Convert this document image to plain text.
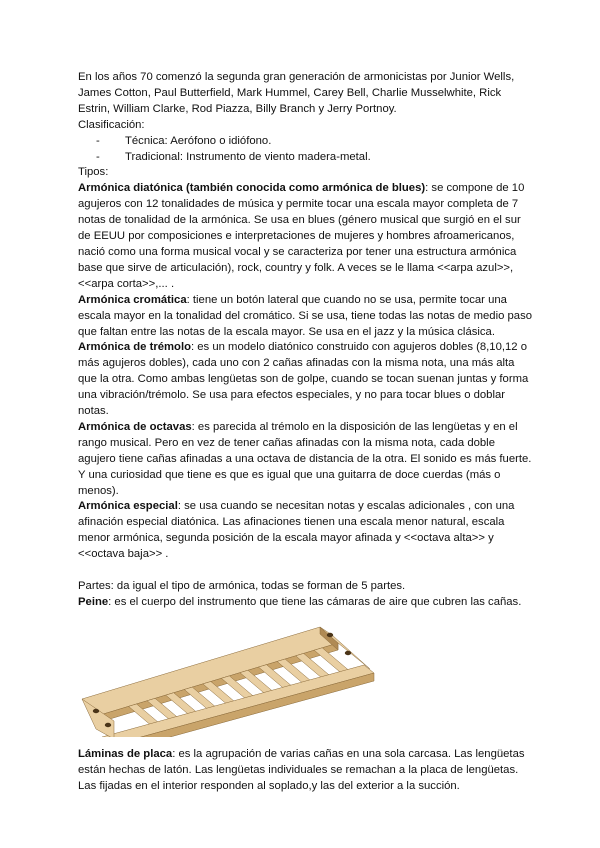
En los años 70 comenzó la segunda gran generación de armonicistas por Junior Wells, James Cotton, Paul Butterfield, Mark Hummel, Carey Bell, Charlie Musselwhite, Rick Estrin, William Clarke, Rod Piazza, Billy Branch y Jerry Portnoy.

Clasificación:

- Técnica: Aerófono o idiófono.

- Tradicional: Instrumento de viento madera-metal.

Tipos:

Armónica diatónica (también conocida como armónica de blues): se compone de 10 agujeros con 12 tonalidades de música y permite tocar una escala mayor completa de 7 notas de tonalidad de la armónica. Se usa en blues (género musical que surgió en el sur de EEUU por composiciones e interpretaciones de mujeres y hombres afroamericanos, nació como una forma musical vocal y se caracteriza por tener una estructura armónica base que sirve de articulación), rock, country y folk. A veces se le llama <<arpa azul>>, <<arpa corta>>,... .

Armónica cromática: tiene un botón lateral que cuando no se usa, permite tocar una escala mayor en la tonalidad del cromático. Si se usa, tiene todas las notas de medio paso que faltan entre las notas de la escala mayor. Se usa en el jazz y la música clásica.

Armónica de trémolo: es un modelo diatónico construido con agujeros dobles (8,10,12 o más agujeros dobles), cada uno con 2 cañas afinadas con la misma nota, una más alta que la otra. Como ambas lengüetas son de golpe, cuando se tocan suenan juntas y forma una vibración/trémolo. Se usa para efectos especiales, y no para tocar blues o doblar notas.

Armónica de octavas: es parecida al trémolo en la disposición de las lengüetas y en el rango musical. Pero en vez de tener cañas afinadas con la misma nota, cada doble agujero tiene cañas afinadas a una octava de distancia de la otra. El sonido es más fuerte. Y una curiosidad que tiene es que es igual que una guitarra de doce cuerdas (más o menos).

Armónica especial: se usa cuando se necesitan notas y escalas adicionales , con una afinación especial diatónica. Las afinaciones tienen una escala menor natural, escala menor armónica, segunda posición de la escala mayor afinada y <<octava alta>> y <<octava baja>> .

Partes: da igual el tipo de armónica, todas se forman de 5 partes.

Peine: es el cuerpo del instrumento que tiene las cámaras de aire que cubren las cañas.

Láminas de placa: es la agrupación de varias cañas en una sola carcasa. Las lengüetas están hechas de latón. Las lengüetas individuales se remachan a la placa de lengüetas. Las fijadas en el interior responden al soplado,y las del exterior a la succión.
